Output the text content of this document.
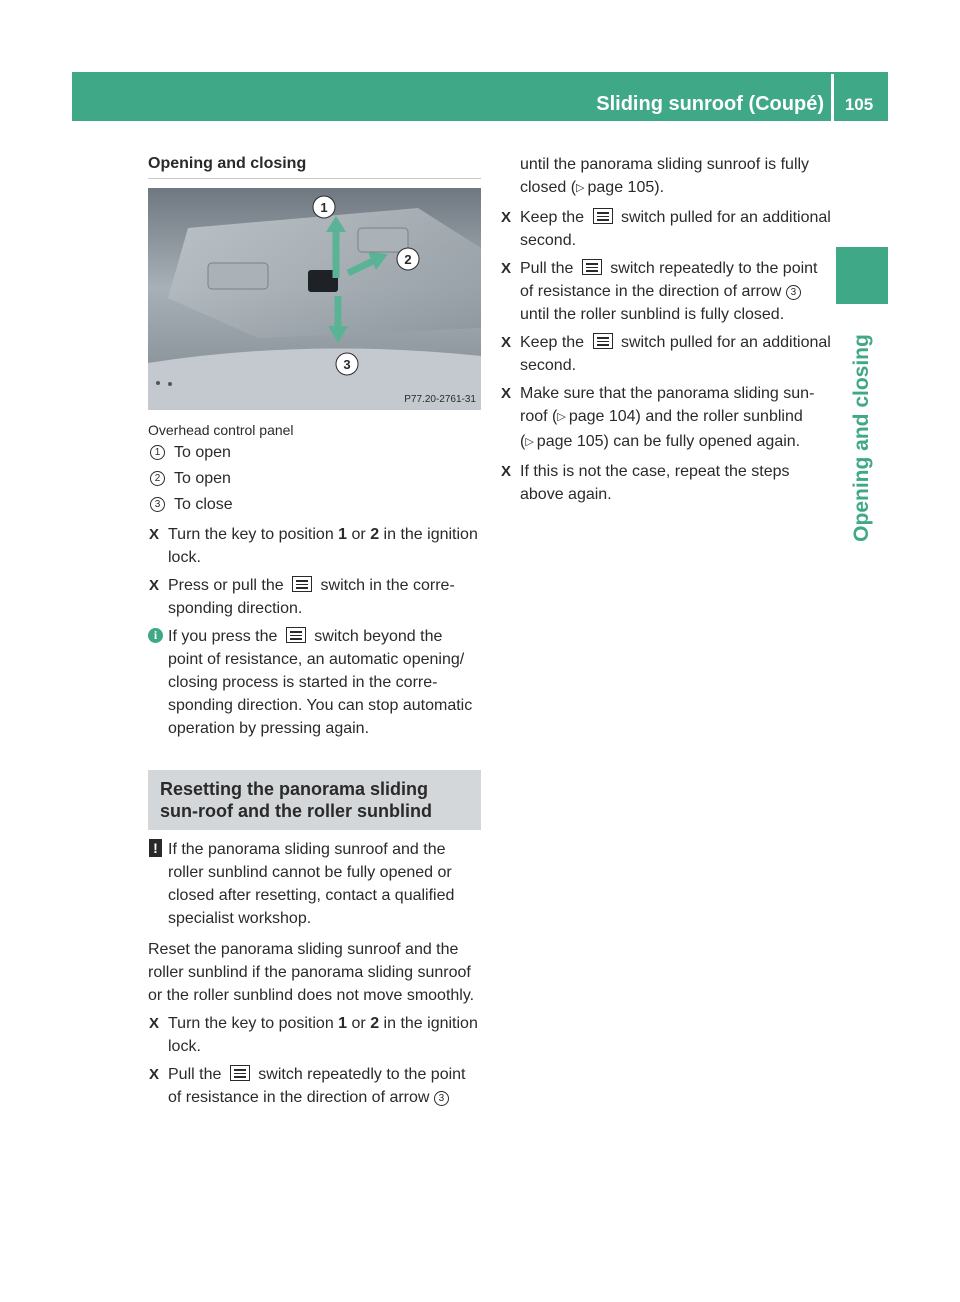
Sliding sunroof (Coupé)	105
Opening and closing
Opening and closing
1
2
3
P77.20-2761-31
Overhead control panel
1 To open
2 To open
3 To close
X Turn the key to position 1 or 2 in the ignition lock.
X Press or pull the
switch in the corresponding direction.
i If you press the
switch beyond the point of resistance, an automatic opening/ closing process is started in the corresponding direction. You can stop automatic operation by pressing again.
Resetting the panorama sliding sun-roof and the roller sunblind
! If the panorama sliding sunroof and the roller sunblind cannot be fully opened or closed after resetting, contact a qualified specialist workshop.
Reset the panorama sliding sunroof and the roller sunblind if the panorama sliding sunroof or the roller sunblind does not move smoothly.
X Turn the key to position 1 or 2 in the ignition lock.
X Pull the
switch repeatedly to the point of resistance in the direction of arrow 3
until the panorama sliding sunroof is fully closed (▷ page 105).
X Keep the
switch pulled for an additional second.
X Pull the
switch repeatedly to the point of resistance in the direction of arrow 3 until the roller sunblind is fully closed.
X Keep the
switch pulled for an additional second.
X Make sure that the panorama sliding sunroof (▷ page 104) and the roller sunblind (▷ page 105) can be fully opened again.
X If this is not the case, repeat the steps above again.
